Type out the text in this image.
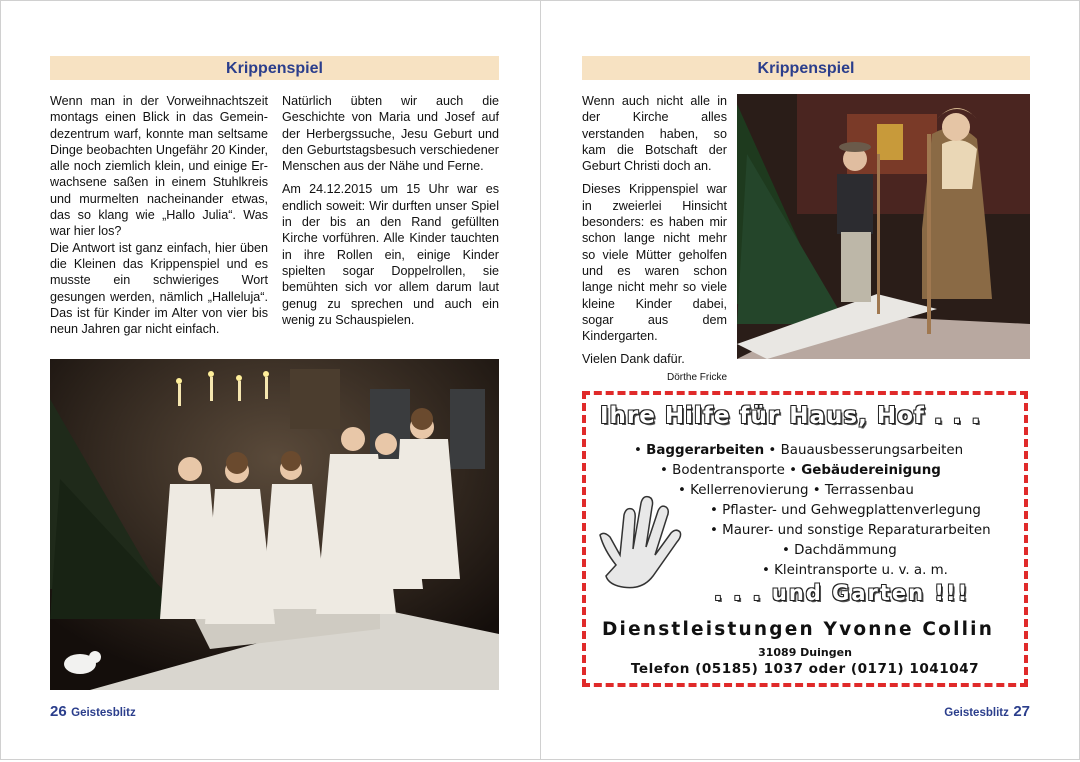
Krippenspiel

Wenn man in der Vorweihnachtszeit montags einen Blick in das Gemeindezentrum warf, konnte man seltsame Dinge beobachten Ungefähr 20 Kinder, alle noch ziemlich klein, und einige Erwachsene saßen in einem Stuhlkreis und murmelten nacheinander etwas, das so klang wie „Hallo Julia“. Was war hier los?

Die Antwort ist ganz einfach, hier üben die Kleinen das Krippenspiel und es musste ein schwieriges Wort gesungen werden, nämlich „Halleluja“. Das ist für Kinder im Alter von vier bis neun Jahren gar nicht einfach.

Natürlich übten wir auch die Geschichte von Maria und Josef auf der Herbergssuche, Jesu Geburt und den Geburtstagsbesuch verschiedener Menschen aus der Nähe und Ferne.

Am 24.12.2015 um 15 Uhr war es endlich soweit: Wir durften unser Spiel in der bis an den Rand gefüllten Kirche vorführen. Alle Kinder tauchten in ihre Rollen ein, einige Kinder spielten sogar Doppelrollen, sie bemühten sich vor allem darum laut genug zu sprechen und auch ein wenig zu Schauspielen.

26 Geistesblitz
Krippenspiel

Wenn auch nicht alle in der Kirche alles verstanden haben, so kam die Botschaft der Geburt Christi doch an.

Dieses Krippenspiel war in zweierlei Hinsicht besonders: es haben mir schon lange nicht mehr so viele Mütter geholfen und es waren schon lange nicht mehr so viele kleine Kinder dabei, sogar aus dem Kindergarten.

Vielen Dank dafür.

Dörthe Fricke
Ihre Hilfe für Haus, Hof . . .
• Baggerarbeiten • Bauausbesserungsarbeiten
• Bodentransporte • Gebäudereinigung
• Kellerrenovierung • Terrassenbau
• Pflaster- und Gehwegplattenverlegung
• Maurer- und sonstige Reparaturarbeiten
• Dachdämmung
• Kleintransporte u. v. a. m.
. . . und Garten !!!
Dienstleistungen Yvonne Collin
31089 Duingen
Telefon (05185) 1037 oder (0171) 1041047
Geistesblitz 27
